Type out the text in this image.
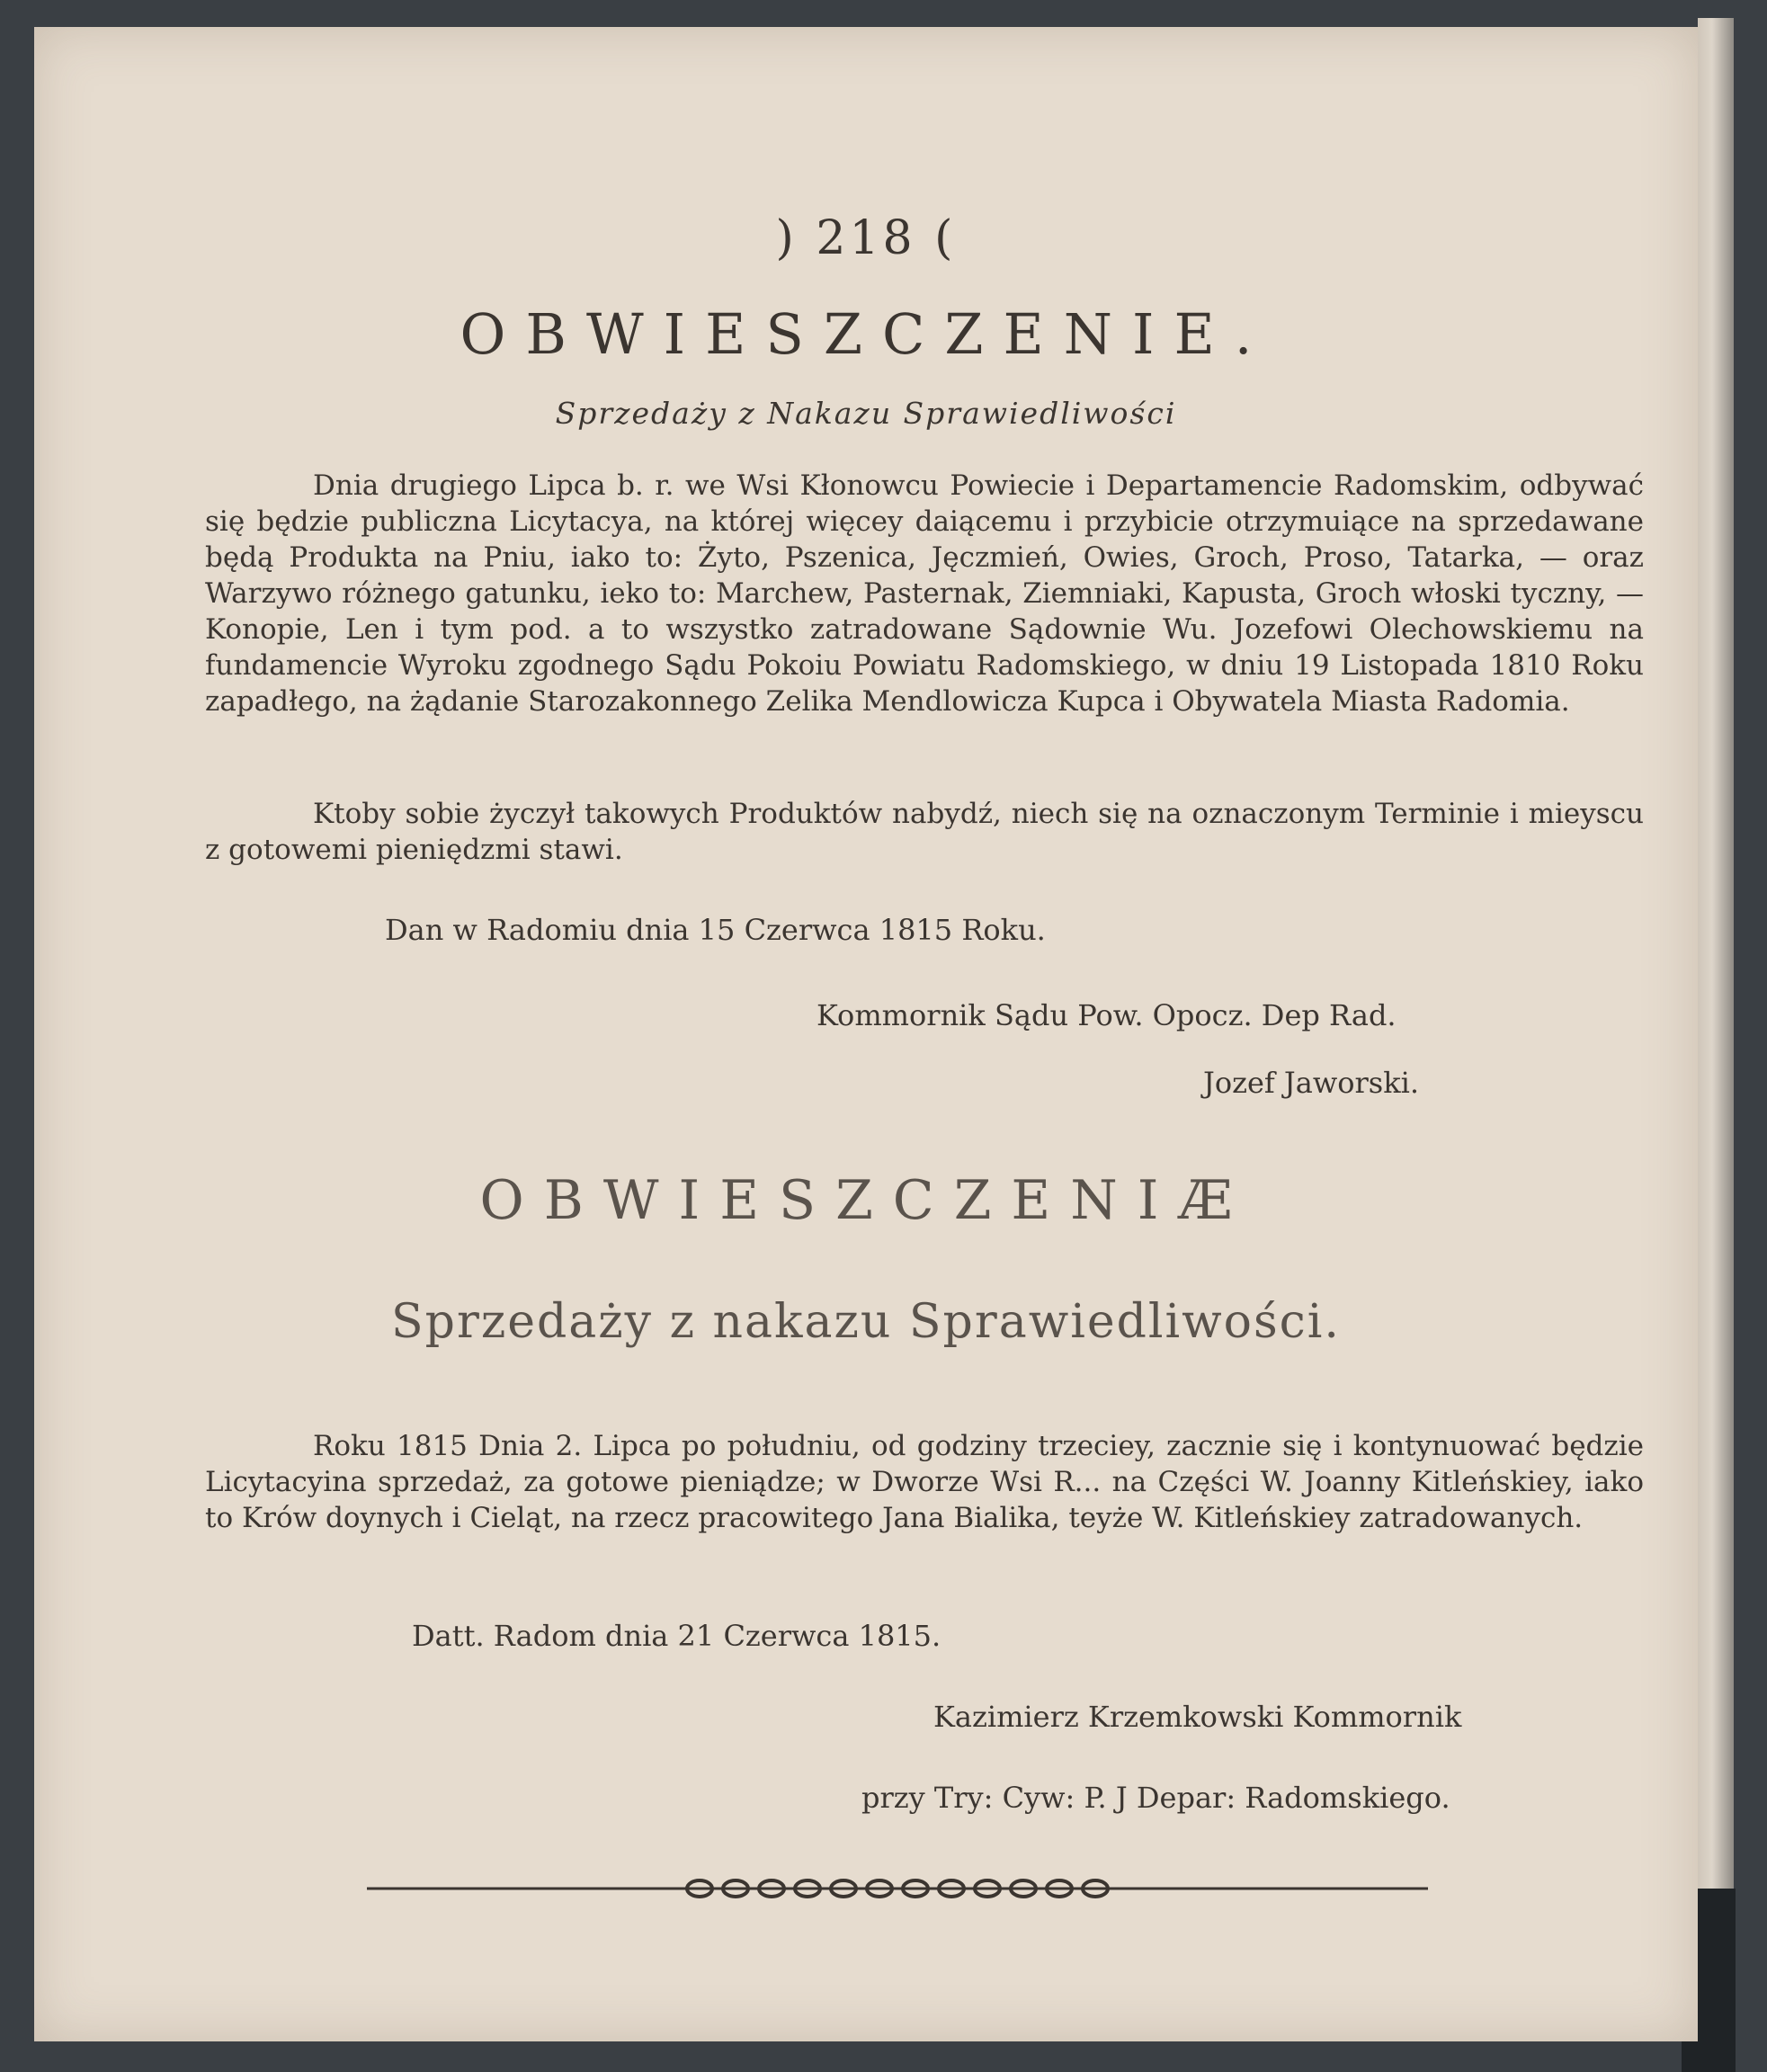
) 218 (
OBWIESZCZENIE.
Sprzedaży z Nakazu Sprawiedliwości
Dnia drugiego Lipca b. r. we Wsi Kłonowcu Powiecie i Departamencie Radomskim, odbywać się będzie publiczna Licytacya, na której więcey daiącemu i przybicie otrzymuiące na sprzedawane będą Produkta na Pniu, iako to: Żyto, Pszenica, Jęczmień, Owies, Groch, Proso, Tatarka, — oraz Warzywo różnego gatunku, ieko to: Marchew, Pasternak, Ziemniaki, Kapusta, Groch włoski tyczny, — Konopie, Len i tym pod. a to wszystko zatradowane Sądownie Wu. Jozefowi Olechowskiemu na fundamencie Wyroku zgodnego Sądu Pokoiu Powiatu Radomskiego, w dniu 19 Listopada 1810 Roku zapadłego, na żądanie Starozakonnego Zelika Mendlowicza Kupca i Obywatela Miasta Radomia.
Ktoby sobie życzył takowych Produktów nabydź, niech się na oznaczonym Terminie i mieyscu z gotowemi pieniędzmi stawi.
Dan w Radomiu dnia 15 Czerwca 1815 Roku.
Kommornik Sądu Pow. Opocz. Dep Rad.
Jozef Jaworski.
OBWIESZCZENIÆ
Sprzedaży z nakazu Sprawiedliwości.
Roku 1815 Dnia 2. Lipca po południu, od godziny trzeciey, zacznie się i kontynuować będzie Licytacyina sprzedaż, za gotowe pieniądze; w Dworze Wsi R... na Części W. Joanny Kitleńskiey, iako to Krów doynych i Cieląt, na rzecz pracowitego Jana Bialika, teyże W. Kitleńskiey zatradowanych.
Datt. Radom dnia 21 Czerwca 1815.
Kazimierz Krzemkowski Kommornik
przy Try: Cyw: P. J Depar: Radomskiego.
